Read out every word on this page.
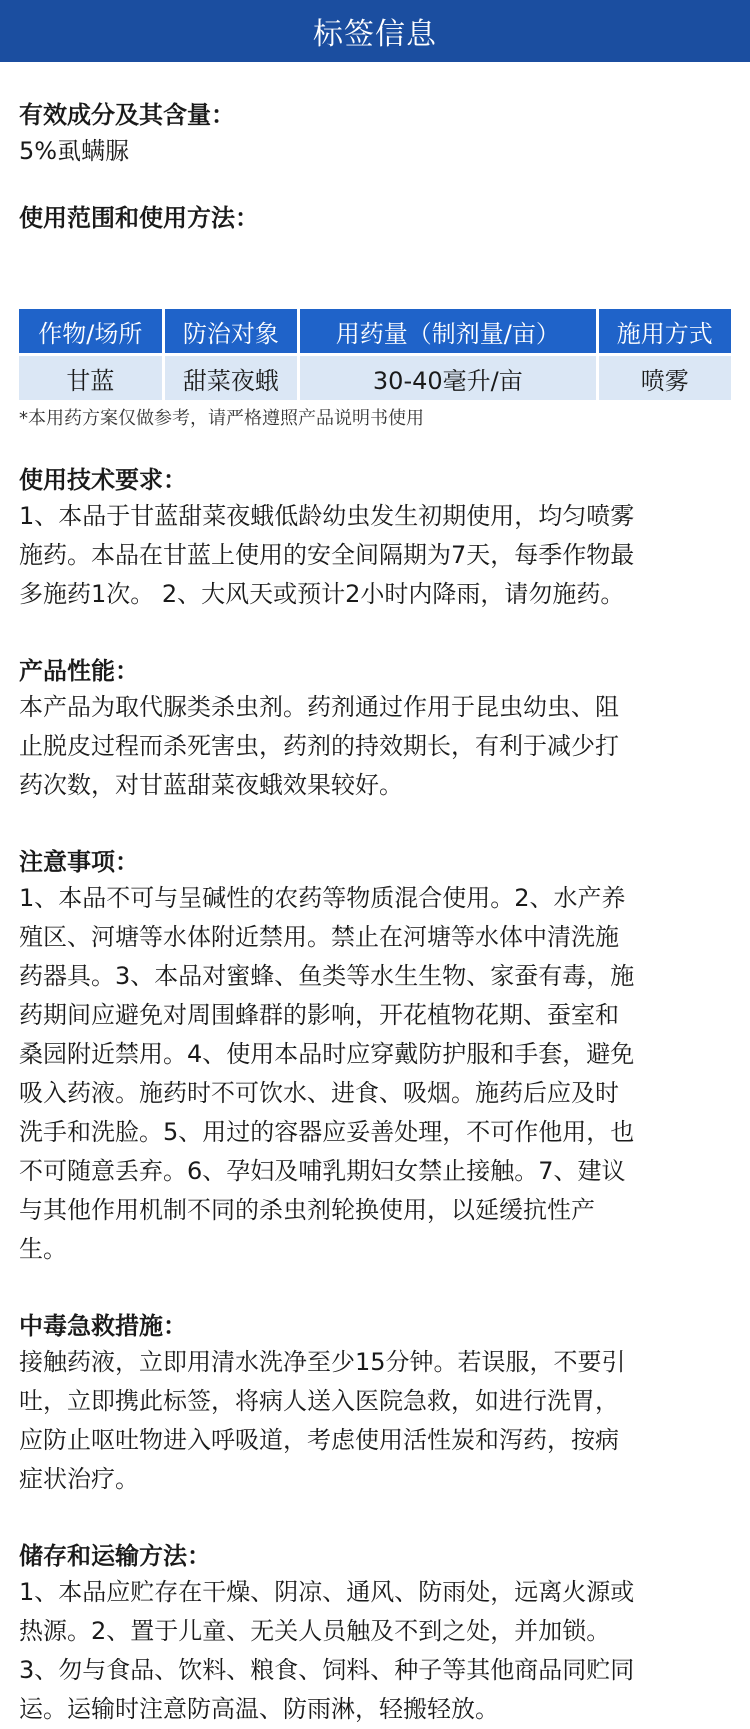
标签信息
有效成分及其含量：
5%虱螨脲
使用范围和使用方法：
作物/场所	防治对象	用药量（制剂量/亩）	施用方式
甘蓝	甜菜夜蛾	30-40毫升/亩	喷雾
*本用药方案仅做参考，请严格遵照产品说明书使用
使用技术要求：

1、本品于甘蓝甜菜夜蛾低龄幼虫发生初期使用，均匀喷雾

施药。本品在甘蓝上使用的安全间隔期为7天，每季作物最

多施药1次。 2、大风天或预计2小时内降雨，请勿施药。

产品性能：

本产品为取代脲类杀虫剂。药剂通过作用于昆虫幼虫、阻

止脱皮过程而杀死害虫，药剂的持效期长，有利于减少打

药次数，对甘蓝甜菜夜蛾效果较好。

注意事项：

1、本品不可与呈碱性的农药等物质混合使用。2、水产养

殖区、河塘等水体附近禁用。禁止在河塘等水体中清洗施

药器具。3、本品对蜜蜂、鱼类等水生生物、家蚕有毒，施

药期间应避免对周围蜂群的影响，开花植物花期、蚕室和

桑园附近禁用。4、使用本品时应穿戴防护服和手套，避免

吸入药液。施药时不可饮水、进食、吸烟。施药后应及时

洗手和洗脸。5、用过的容器应妥善处理，不可作他用，也

不可随意丢弃。6、孕妇及哺乳期妇女禁止接触。7、建议

与其他作用机制不同的杀虫剂轮换使用，以延缓抗性产

生。

中毒急救措施：

接触药液，立即用清水洗净至少15分钟。若误服，不要引

吐，立即携此标签，将病人送入医院急救，如进行洗胃，

应防止呕吐物进入呼吸道，考虑使用活性炭和泻药，按病

症状治疗。

储存和运输方法：

1、本品应贮存在干燥、阴凉、通风、防雨处，远离火源或

热源。2、置于儿童、无关人员触及不到之处，并加锁。

3、勿与食品、饮料、粮食、饲料、种子等其他商品同贮同

运。运输时注意防高温、防雨淋，轻搬轻放。
